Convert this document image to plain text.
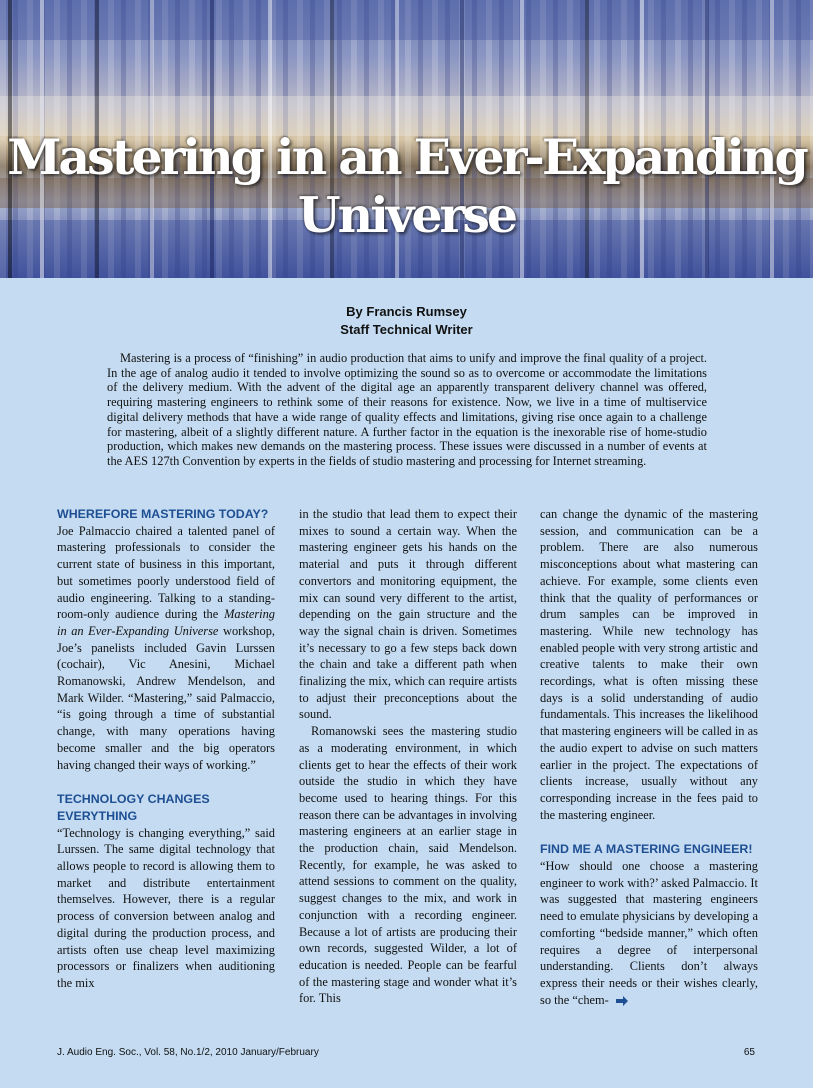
Mastering in an Ever-Expanding Universe
By Francis Rumsey
Staff Technical Writer
Mastering is a process of “finishing” in audio production that aims to unify and improve the final quality of a project. In the age of analog audio it tended to involve optimizing the sound so as to overcome or accommodate the limitations of the delivery medium. With the advent of the digital age an apparently transparent delivery channel was offered, requiring mastering engineers to rethink some of their reasons for existence. Now, we live in a time of multiservice digital delivery methods that have a wide range of quality effects and limitations, giving rise once again to a challenge for mastering, albeit of a slightly different nature. A further factor in the equation is the inexorable rise of home-studio production, which makes new demands on the mastering process. These issues were discussed in a number of events at the AES 127th Convention by experts in the fields of studio mastering and processing for Internet streaming.

WHEREFORE MASTERING TODAY?

Joe Palmaccio chaired a talented panel of mastering professionals to consider the current state of business in this important, but sometimes poorly understood field of audio engineering. Talking to a standing-room-only audience during the Mastering in an Ever-Expanding Universe workshop, Joe’s panelists included Gavin Lurssen (cochair), Vic Anesini, Michael Romanowski, Andrew Mendelson, and Mark Wilder. “Mastering,” said Palmaccio, “is going through a time of substantial change, with many operations having become smaller and the big operators having changed their ways of working.”

TECHNOLOGY CHANGES EVERYTHING

“Technology is changing everything,” said Lurssen. The same digital technology that allows people to record is allowing them to market and distribute entertainment themselves. However, there is a regular process of conversion between analog and digital during the production process, and artists often use cheap level maximizing processors or finalizers when auditioning the mix

in the studio that lead them to expect their mixes to sound a certain way. When the mastering engineer gets his hands on the material and puts it through different convertors and monitoring equipment, the mix can sound very different to the artist, depending on the gain structure and the way the signal chain is driven. Sometimes it’s necessary to go a few steps back down the chain and take a different path when finalizing the mix, which can require artists to adjust their preconceptions about the sound.

Romanowski sees the mastering studio as a moderating environment, in which clients get to hear the effects of their work outside the studio in which they have become used to hearing things. For this reason there can be advantages in involving mastering engineers at an earlier stage in the production chain, said Mendelson. Recently, for example, he was asked to attend sessions to comment on the quality, suggest changes to the mix, and work in conjunction with a recording engineer. Because a lot of artists are producing their own records, suggested Wilder, a lot of education is needed. People can be fearful of the mastering stage and wonder what it’s for. This

can change the dynamic of the mastering session, and communication can be a problem. There are also numerous misconceptions about what mastering can achieve. For example, some clients even think that the quality of performances or drum samples can be improved in mastering. While new technology has enabled people with very strong artistic and creative talents to make their own recordings, what is often missing these days is a solid understanding of audio fundamentals. This increases the likelihood that mastering engineers will be called in as the audio expert to advise on such matters earlier in the project. The expectations of clients increase, usually without any corresponding increase in the fees paid to the mastering engineer.

FIND ME A MASTERING ENGINEER!

“How should one choose a mastering engineer to work with?’ asked Palmaccio. It was suggested that mastering engineers need to emulate physicians by developing a comforting “bedside manner,” which often requires a degree of interpersonal understanding. Clients don’t always express their needs or their wishes clearly, so the “chem-

J. Audio Eng. Soc., Vol. 58, No.1/2, 2010 January/February	65
